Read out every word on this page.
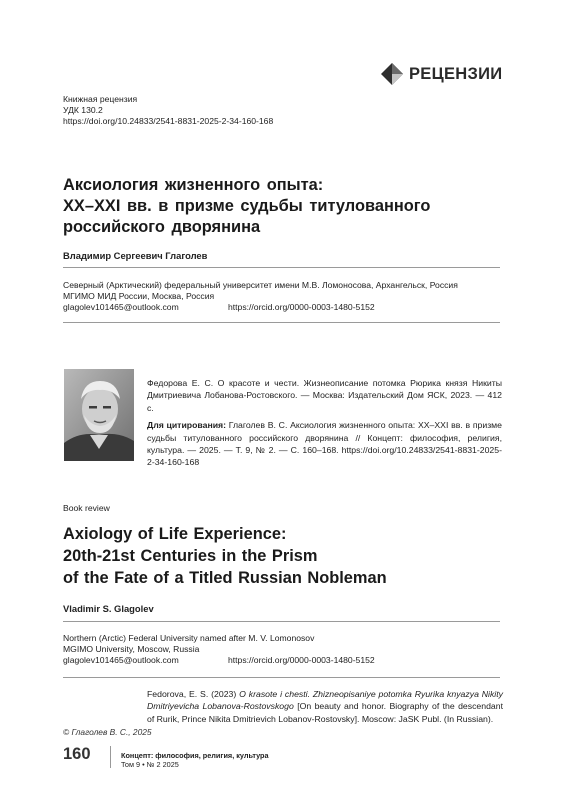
РЕЦЕНЗИИ
Книжная рецензия
УДК 130.2
https://doi.org/10.24833/2541-8831-2025-2-34-160-168
Аксиология жизненного опыта:
XX–XXI вв. в призме судьбы титулованного
российского дворянина
Владимир Сергеевич Глаголев
Северный (Арктический) федеральный университет имени М.В. Ломоносова, Архангельск, Россия
МГИМО МИД России, Москва, Россия
glagolev101465@outlook.com	https://orcid.org/0000-0003-1480-5152
Федорова Е. С. О красоте и чести. Жизнеописание потомка Рюрика князя Никиты Дмитриевича Лобанова-Ростовского. — Москва: Издательский Дом ЯСК, 2023. — 412 с.
Для цитирования: Глаголев В. С. Аксиология жизненного опыта: XX–XXI вв. в призме судьбы титулованного российского дворянина // Концепт: философия, религия, культура. — 2025. — Т. 9, № 2. — С. 160–168. https://doi.org/10.24833/2541-8831-2025-2-34-160-168
Book review
Axiology of Life Experience:
20th-21st Centuries in the Prism
of the Fate of a Titled Russian Nobleman
Vladimir S. Glagolev
Northern (Arctic) Federal University named after M. V. Lomonosov
MGIMO University, Moscow, Russia
glagolev101465@outlook.com	https://orcid.org/0000-0003-1480-5152
Fedorova, E. S. (2023) O krasote i chesti. Zhizneopisaniye potomka Ryurika knyazya Nikity Dmitriyevicha Lobanova-Rostovskogo [On beauty and honor. Biography of the descendant of Rurik, Prince Nikita Dmitrievich Lobanov-Rostovsky]. Moscow: JaSK Publ. (In Russian).
© Глаголев В. С., 2025
160	Концепт: философия, религия, культура
Том 9 • № 2 2025
